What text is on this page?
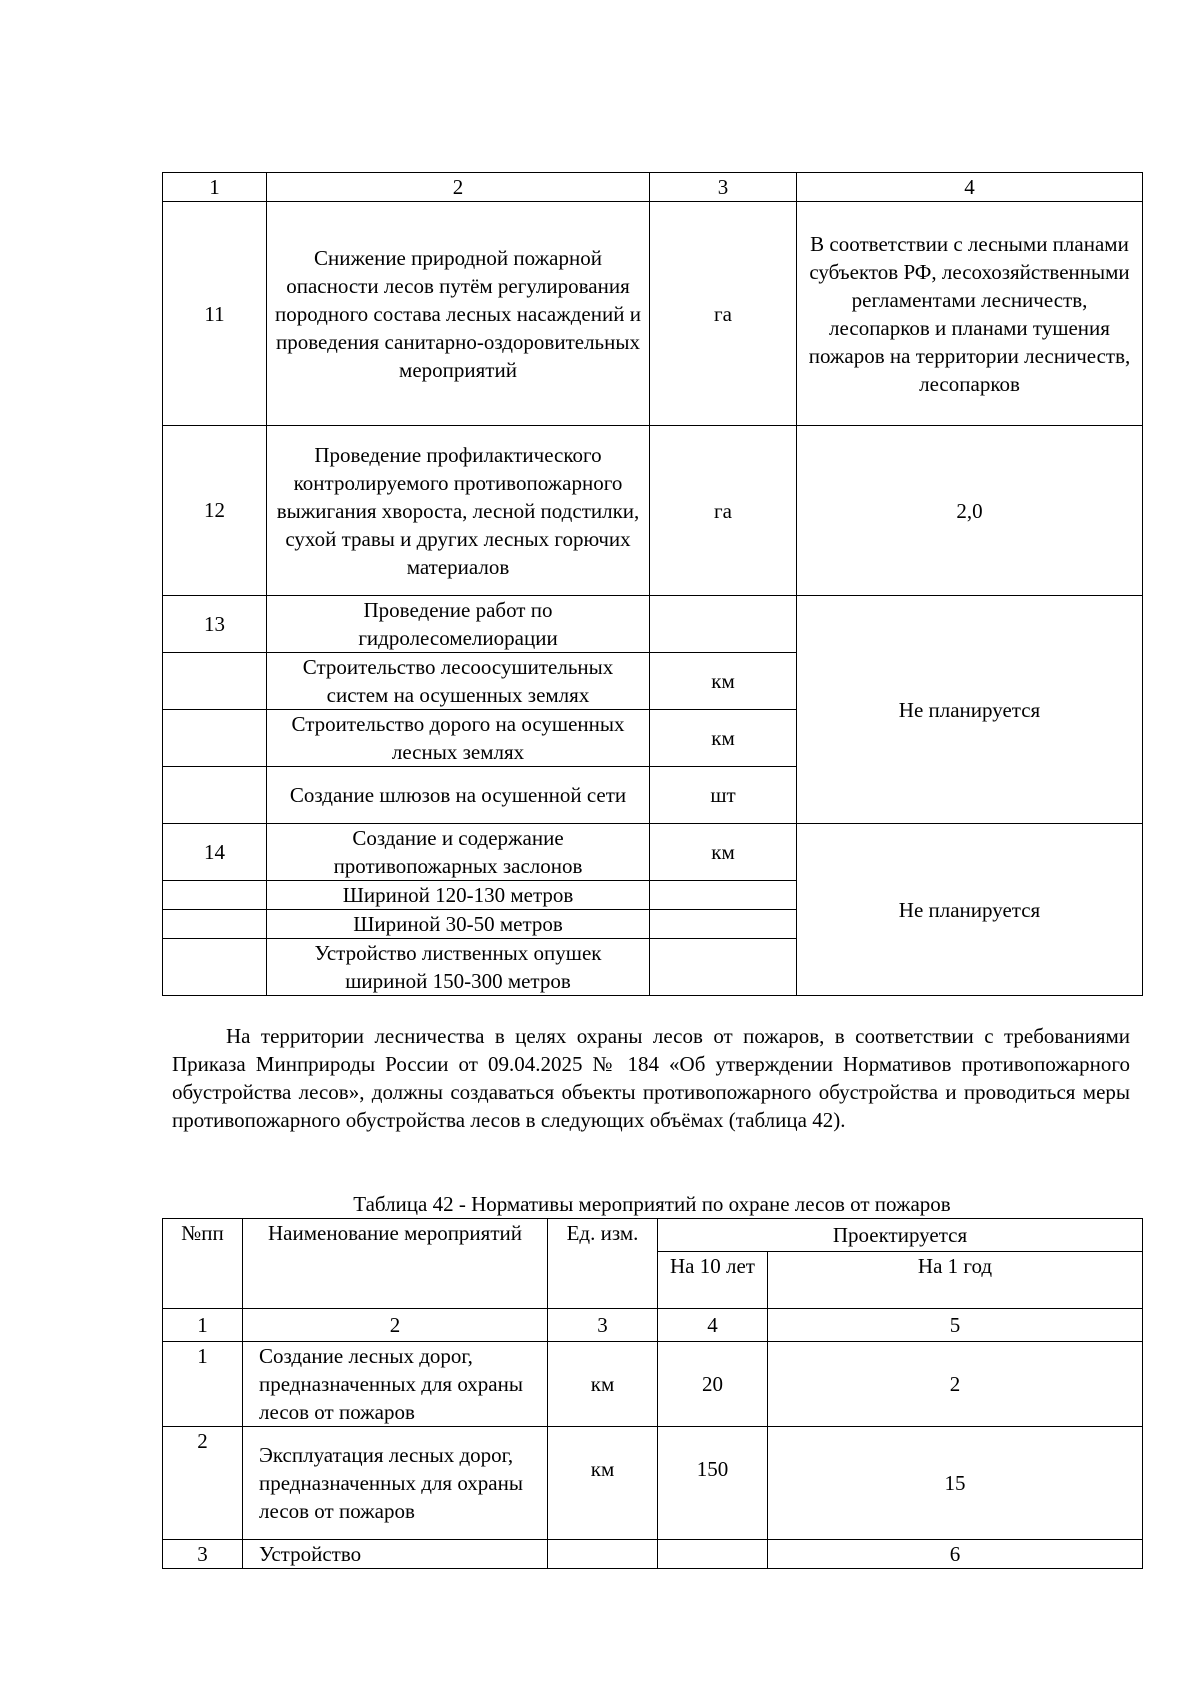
1	2	3	4
11	Снижение природной пожарной опасности лесов путём регулирования породного состава лесных насаждений и проведения санитарно-оздоровительных мероприятий	га	В соответствии с лесными планами субъектов РФ, лесохозяйственными регламентами лесничеств, лесопарков и планами тушения пожаров на территории лесничеств, лесопарков
12	Проведение профилактического контролируемого противопожарного выжигания хвороста, лесной подстилки, сухой травы и других лесных горючих материалов	га	2,0
13	Проведение работ по гидролесомелиорации		Не планируется
	Строительство лесоосушительных систем на осушенных землях	км	
	Строительство дорого на осушенных лесных землях	км	
	Создание шлюзов на осушенной сети	шт	
14	Создание и содержание противопожарных заслонов	км	Не планируется
	Шириной 120-130 метров		
	Шириной 30-50 метров		
	Устройство лиственных опушек шириной 150-300 метров		

На территории лесничества в целях охраны лесов от пожаров, в соответствии с требованиями Приказа Минприроды России от 09.04.2025 № 184 «Об утверждении Нормативов противопожарного обустройства лесов», должны создаваться объекты противопожарного обустройства и проводиться меры противопожарного обустройства лесов в следующих объёмах (таблица 42).

Таблица 42 - Нормативы мероприятий по охране лесов от пожаров

№пп	Наименование мероприятий	Ед. изм.	Проектируется	
			На 10 лет	На 1 год
1	2	3	4	5
1	Создание лесных дорог, предназначенных для охраны лесов от пожаров	км	20	2
2	Эксплуатация лесных дорог, предназначенных для охраны лесов от пожаров	км	150	15
3	Устройство			6
